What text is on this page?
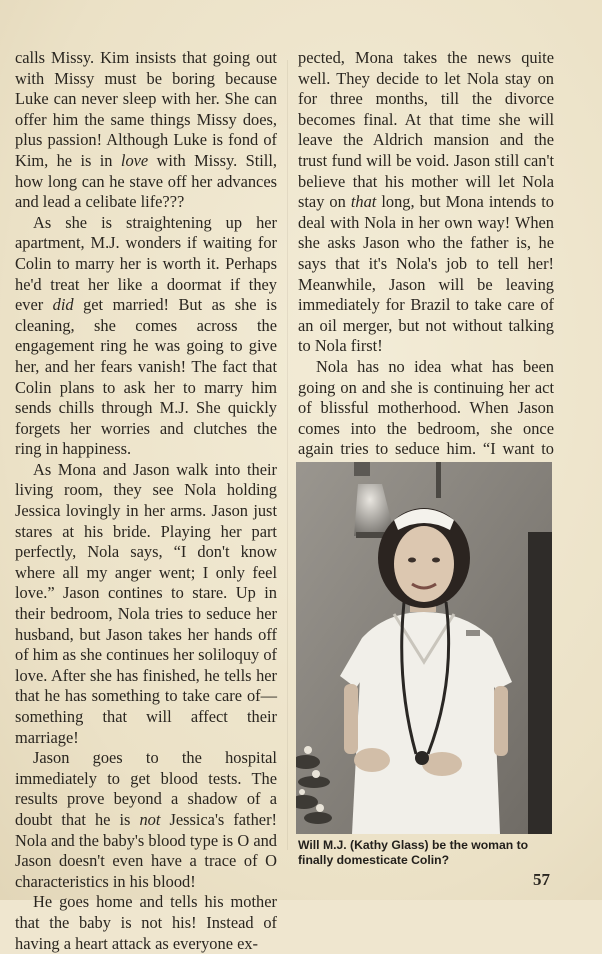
calls Missy. Kim insists that going out with Missy must be boring because Luke can never sleep with her. She can offer him the same things Missy does, plus passion! Although Luke is fond of Kim, he is in love with Missy. Still, how long can he stave off her advances and lead a celibate life???

As she is straightening up her apartment, M.J. wonders if waiting for Colin to marry her is worth it. Perhaps he'd treat her like a doormat if they ever did get married! But as she is cleaning, she comes across the engagement ring he was going to give her, and her fears vanish! The fact that Colin plans to ask her to marry him sends chills through M.J. She quickly forgets her worries and clutches the ring in happiness.

As Mona and Jason walk into their living room, they see Nola holding Jessica lovingly in her arms. Jason just stares at his bride. Playing her part perfectly, Nola says, “I don't know where all my anger went; I only feel love.” Jason contines to stare. Up in their bedroom, Nola tries to seduce her husband, but Jason takes her hands off of him as she continues her soliloquy of love. After she has finished, he tells her that he has something to take care of—something that will affect their marriage!

Jason goes to the hospital immediately to get blood tests. The results prove beyond a shadow of a doubt that he is not Jessica's father! Nola and the baby's blood type is O and Jason doesn't even have a trace of O characteristics in his blood!

He goes home and tells his mother that the baby is not his! Instead of having a heart attack as everyone ex-

pected, Mona takes the news quite well. They decide to let Nola stay on for three months, till the divorce becomes final. At that time she will leave the Aldrich mansion and the trust fund will be void. Jason still can't believe that his mother will let Nola stay on that long, but Mona intends to deal with Nola in her own way! When she asks Jason who the father is, he says that it's Nola's job to tell her! Meanwhile, Jason will be leaving immediately for Brazil to take care of an oil merger, but not without talking to Nola first!

Nola has no idea what has been going on and she is continuing her act of blissful motherhood. When Jason comes into the bedroom, she once again tries to seduce him. “I want to

Will M.J. (Kathy Glass) be the woman to finally domesticate Colin?
57
